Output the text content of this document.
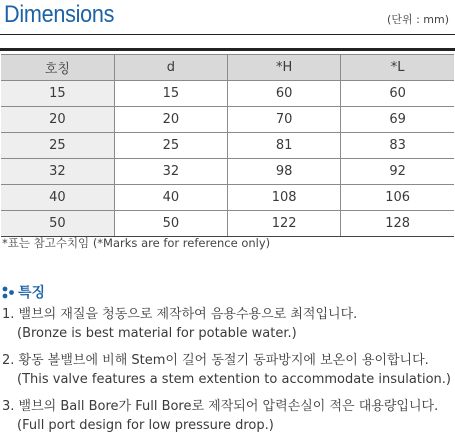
Dimensions	(단위 : mm)
호칭	d	*H	*L
15	15	60	60
20	20	70	69
25	25	81	83
32	32	98	92
40	40	108	106
50	50	122	128
*표는 참고수치임 (*Marks are for reference only)
특징
1. 밸브의 재질을 청동으로 제작하여 음용수용으로 최적입니다.
(Bronze is best material for potable water.)
2. 황동 볼밸브에 비해 Stem이 길어 동절기 동파방지에 보온이 용이합니다.
(This valve features a stem extention to accommodate insulation.)
3. 밸브의 Ball Bore가 Full Bore로 제작되어 압력손실이 적은 대용량입니다.
(Full port design for low pressure drop.)
